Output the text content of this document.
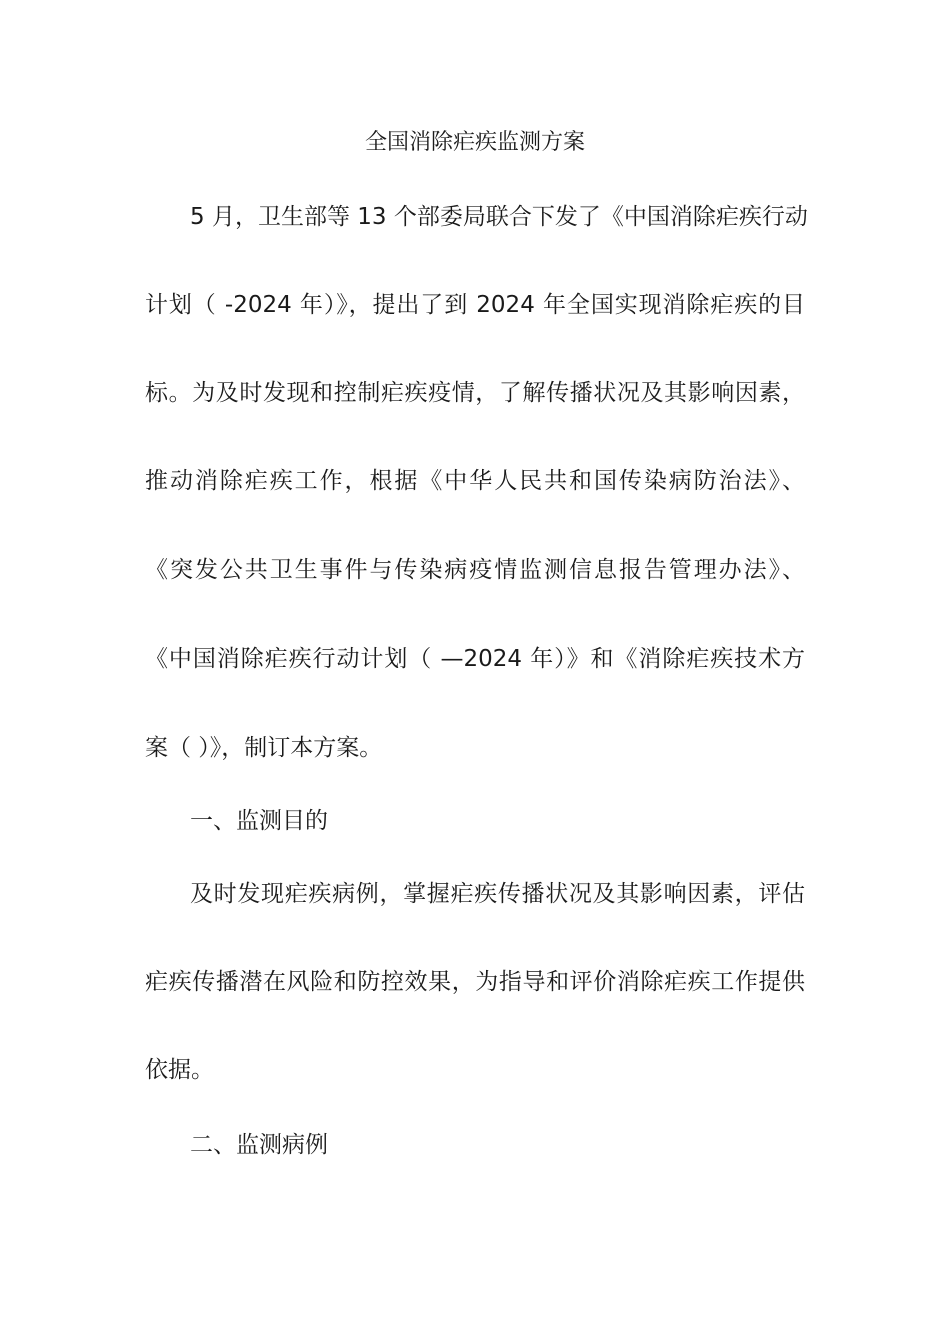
全国消除疟疾监测方案
5 月，卫生部等 13 个部委局联合下发了《中国消除疟疾行动
计划（ -2024 年）》，提出了到 2024 年全国实现消除疟疾的目
标。为及时发现和控制疟疾疫情，了解传播状况及其影响因素，
推动消除疟疾工作，根据《中华人民共和国传染病防治法》、
《突发公共卫生事件与传染病疫情监测信息报告管理办法》、
《中国消除疟疾行动计划（ —2024 年）》和《消除疟疾技术方
案（ ）》，制订本方案。
一、监测目的
及时发现疟疾病例，掌握疟疾传播状况及其影响因素，评估
疟疾传播潜在风险和防控效果，为指导和评价消除疟疾工作提供
依据。
二、监测病例
